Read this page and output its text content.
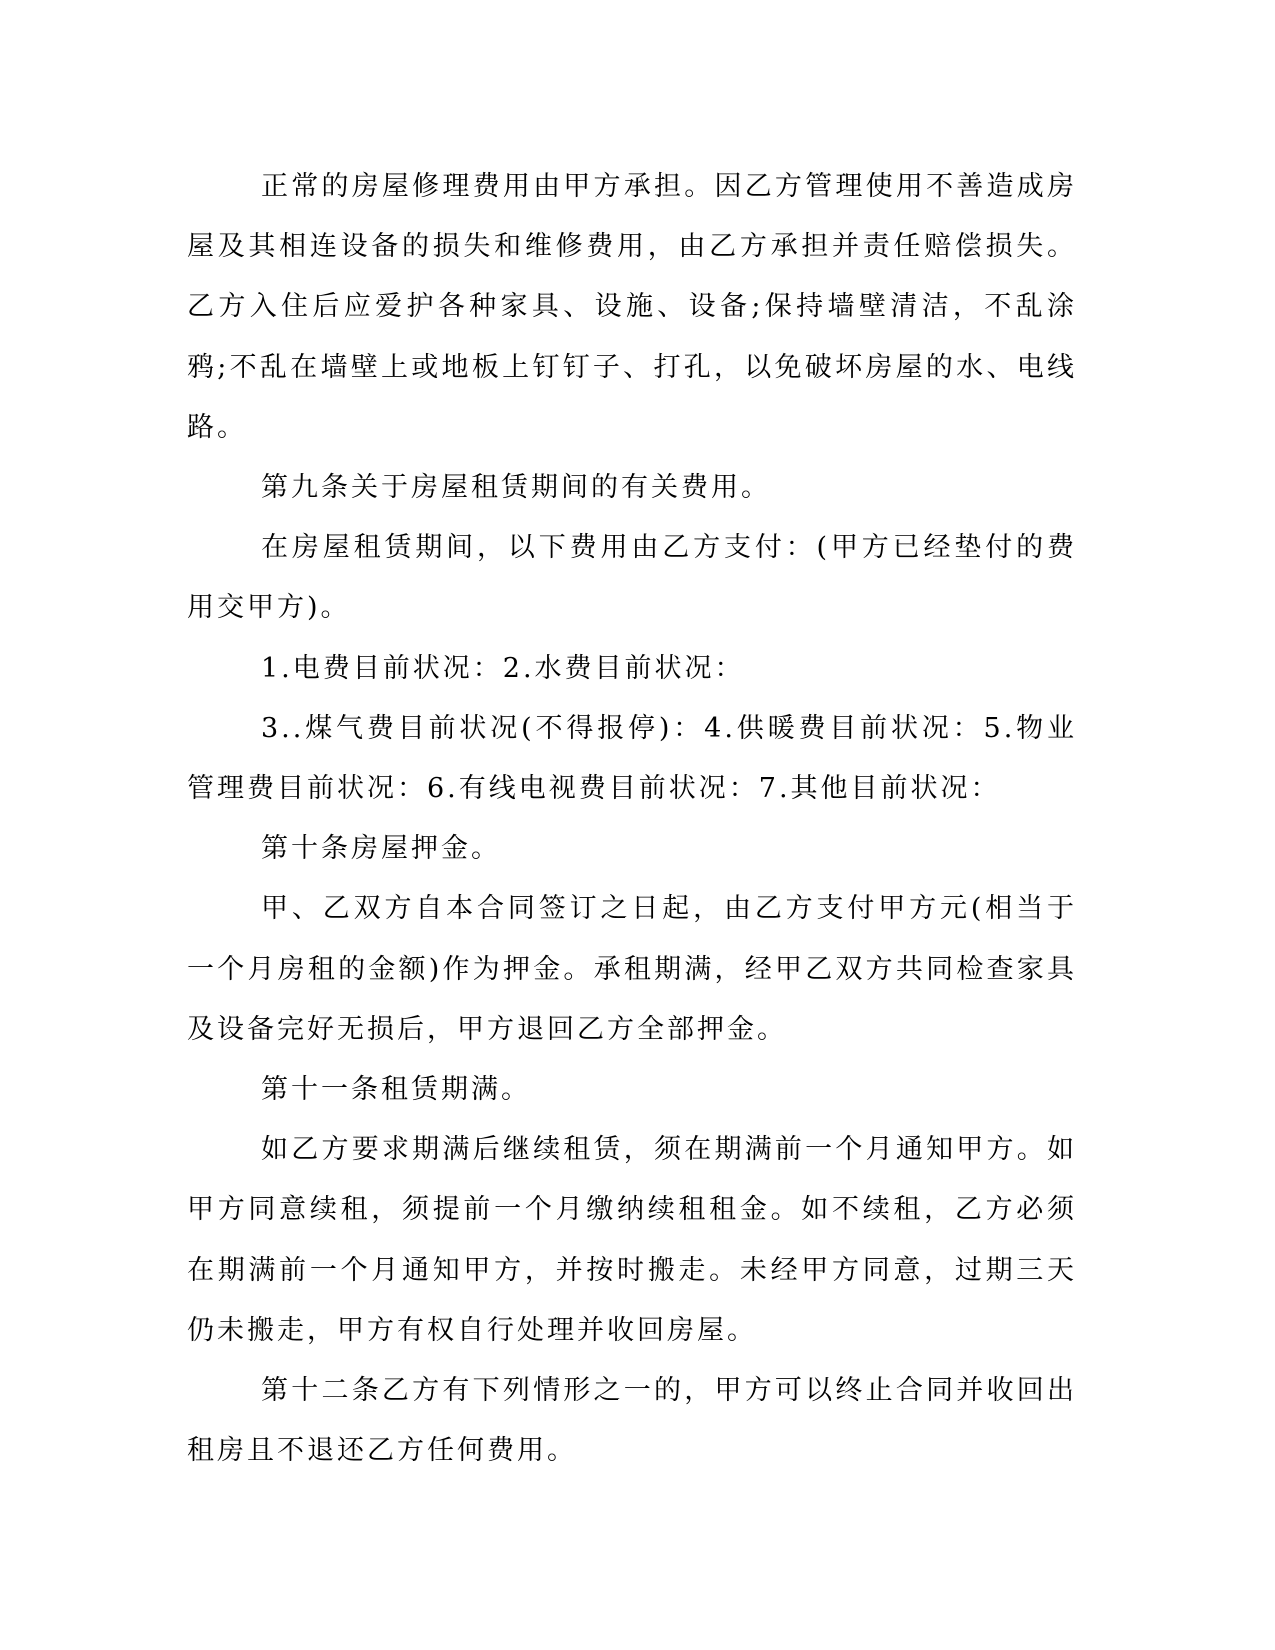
正常的房屋修理费用由甲方承担。因乙方管理使用不善造成房屋及其相连设备的损失和维修费用，由乙方承担并责任赔偿损失。乙方入住后应爱护各种家具、设施、设备;保持墙壁清洁，不乱涂鸦;不乱在墙壁上或地板上钉钉子、打孔，以免破坏房屋的水、电线路。

第九条关于房屋租赁期间的有关费用。

在房屋租赁期间，以下费用由乙方支付：(甲方已经垫付的费用交甲方)。

1.电费目前状况：2.水费目前状况：

3..煤气费目前状况(不得报停)：4.供暖费目前状况：5.物业管理费目前状况：6.有线电视费目前状况：7.其他目前状况：

第十条房屋押金。

甲、乙双方自本合同签订之日起，由乙方支付甲方元(相当于一个月房租的金额)作为押金。承租期满，经甲乙双方共同检查家具及设备完好无损后，甲方退回乙方全部押金。

第十一条租赁期满。

如乙方要求期满后继续租赁，须在期满前一个月通知甲方。如甲方同意续租，须提前一个月缴纳续租租金。如不续租，乙方必须在期满前一个月通知甲方，并按时搬走。未经甲方同意，过期三天仍未搬走，甲方有权自行处理并收回房屋。

第十二条乙方有下列情形之一的，甲方可以终止合同并收回出租房且不退还乙方任何费用。
